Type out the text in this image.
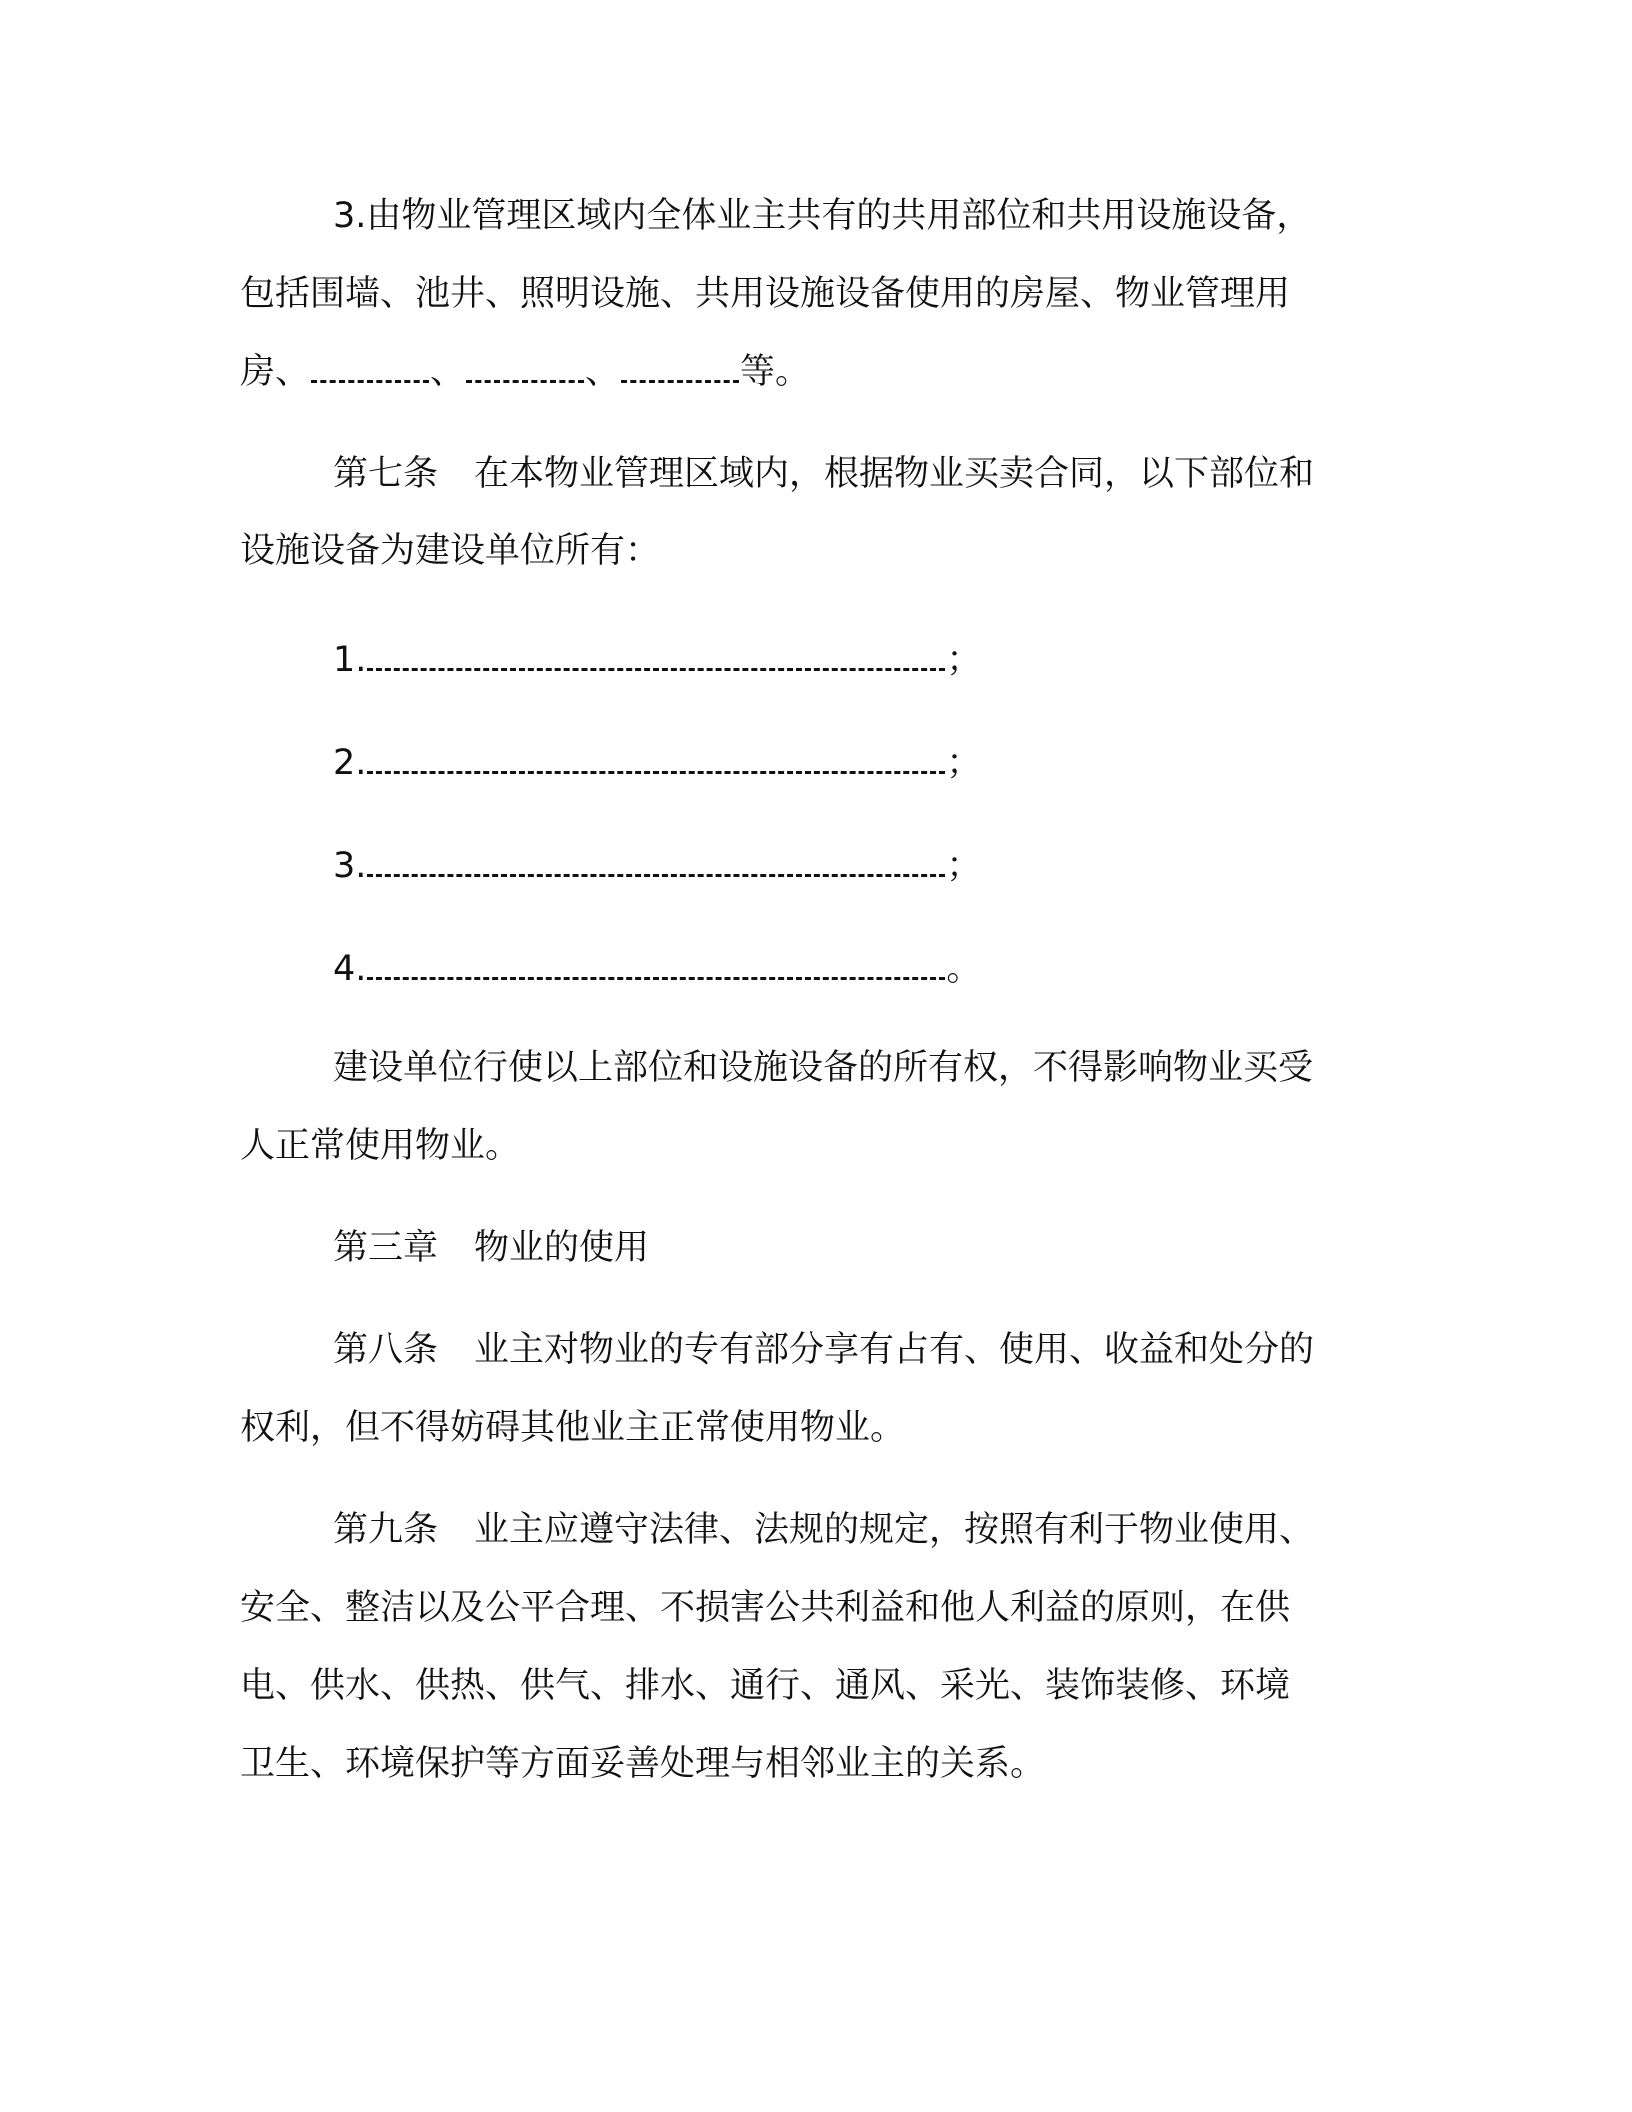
3.由物业管理区域内全体业主共有的共用部位和共用设施设备，
包括围墙、池井、照明设施、共用设施设备使用的房屋、物业管理用
房、	、	、	等。
第七条 在本物业管理区域内，根据物业买卖合同，以下部位和
设施设备为建设单位所有：
1.	；
2.	；
3.	；
4.	。
建设单位行使以上部位和设施设备的所有权，不得影响物业买受
人正常使用物业。
第三章 物业的使用
第八条 业主对物业的专有部分享有占有、使用、收益和处分的
权利，但不得妨碍其他业主正常使用物业。
第九条 业主应遵守法律、法规的规定，按照有利于物业使用、
安全、整洁以及公平合理、不损害公共利益和他人利益的原则，在供
电、供水、供热、供气、排水、通行、通风、采光、装饰装修、环境
卫生、环境保护等方面妥善处理与相邻业主的关系。
